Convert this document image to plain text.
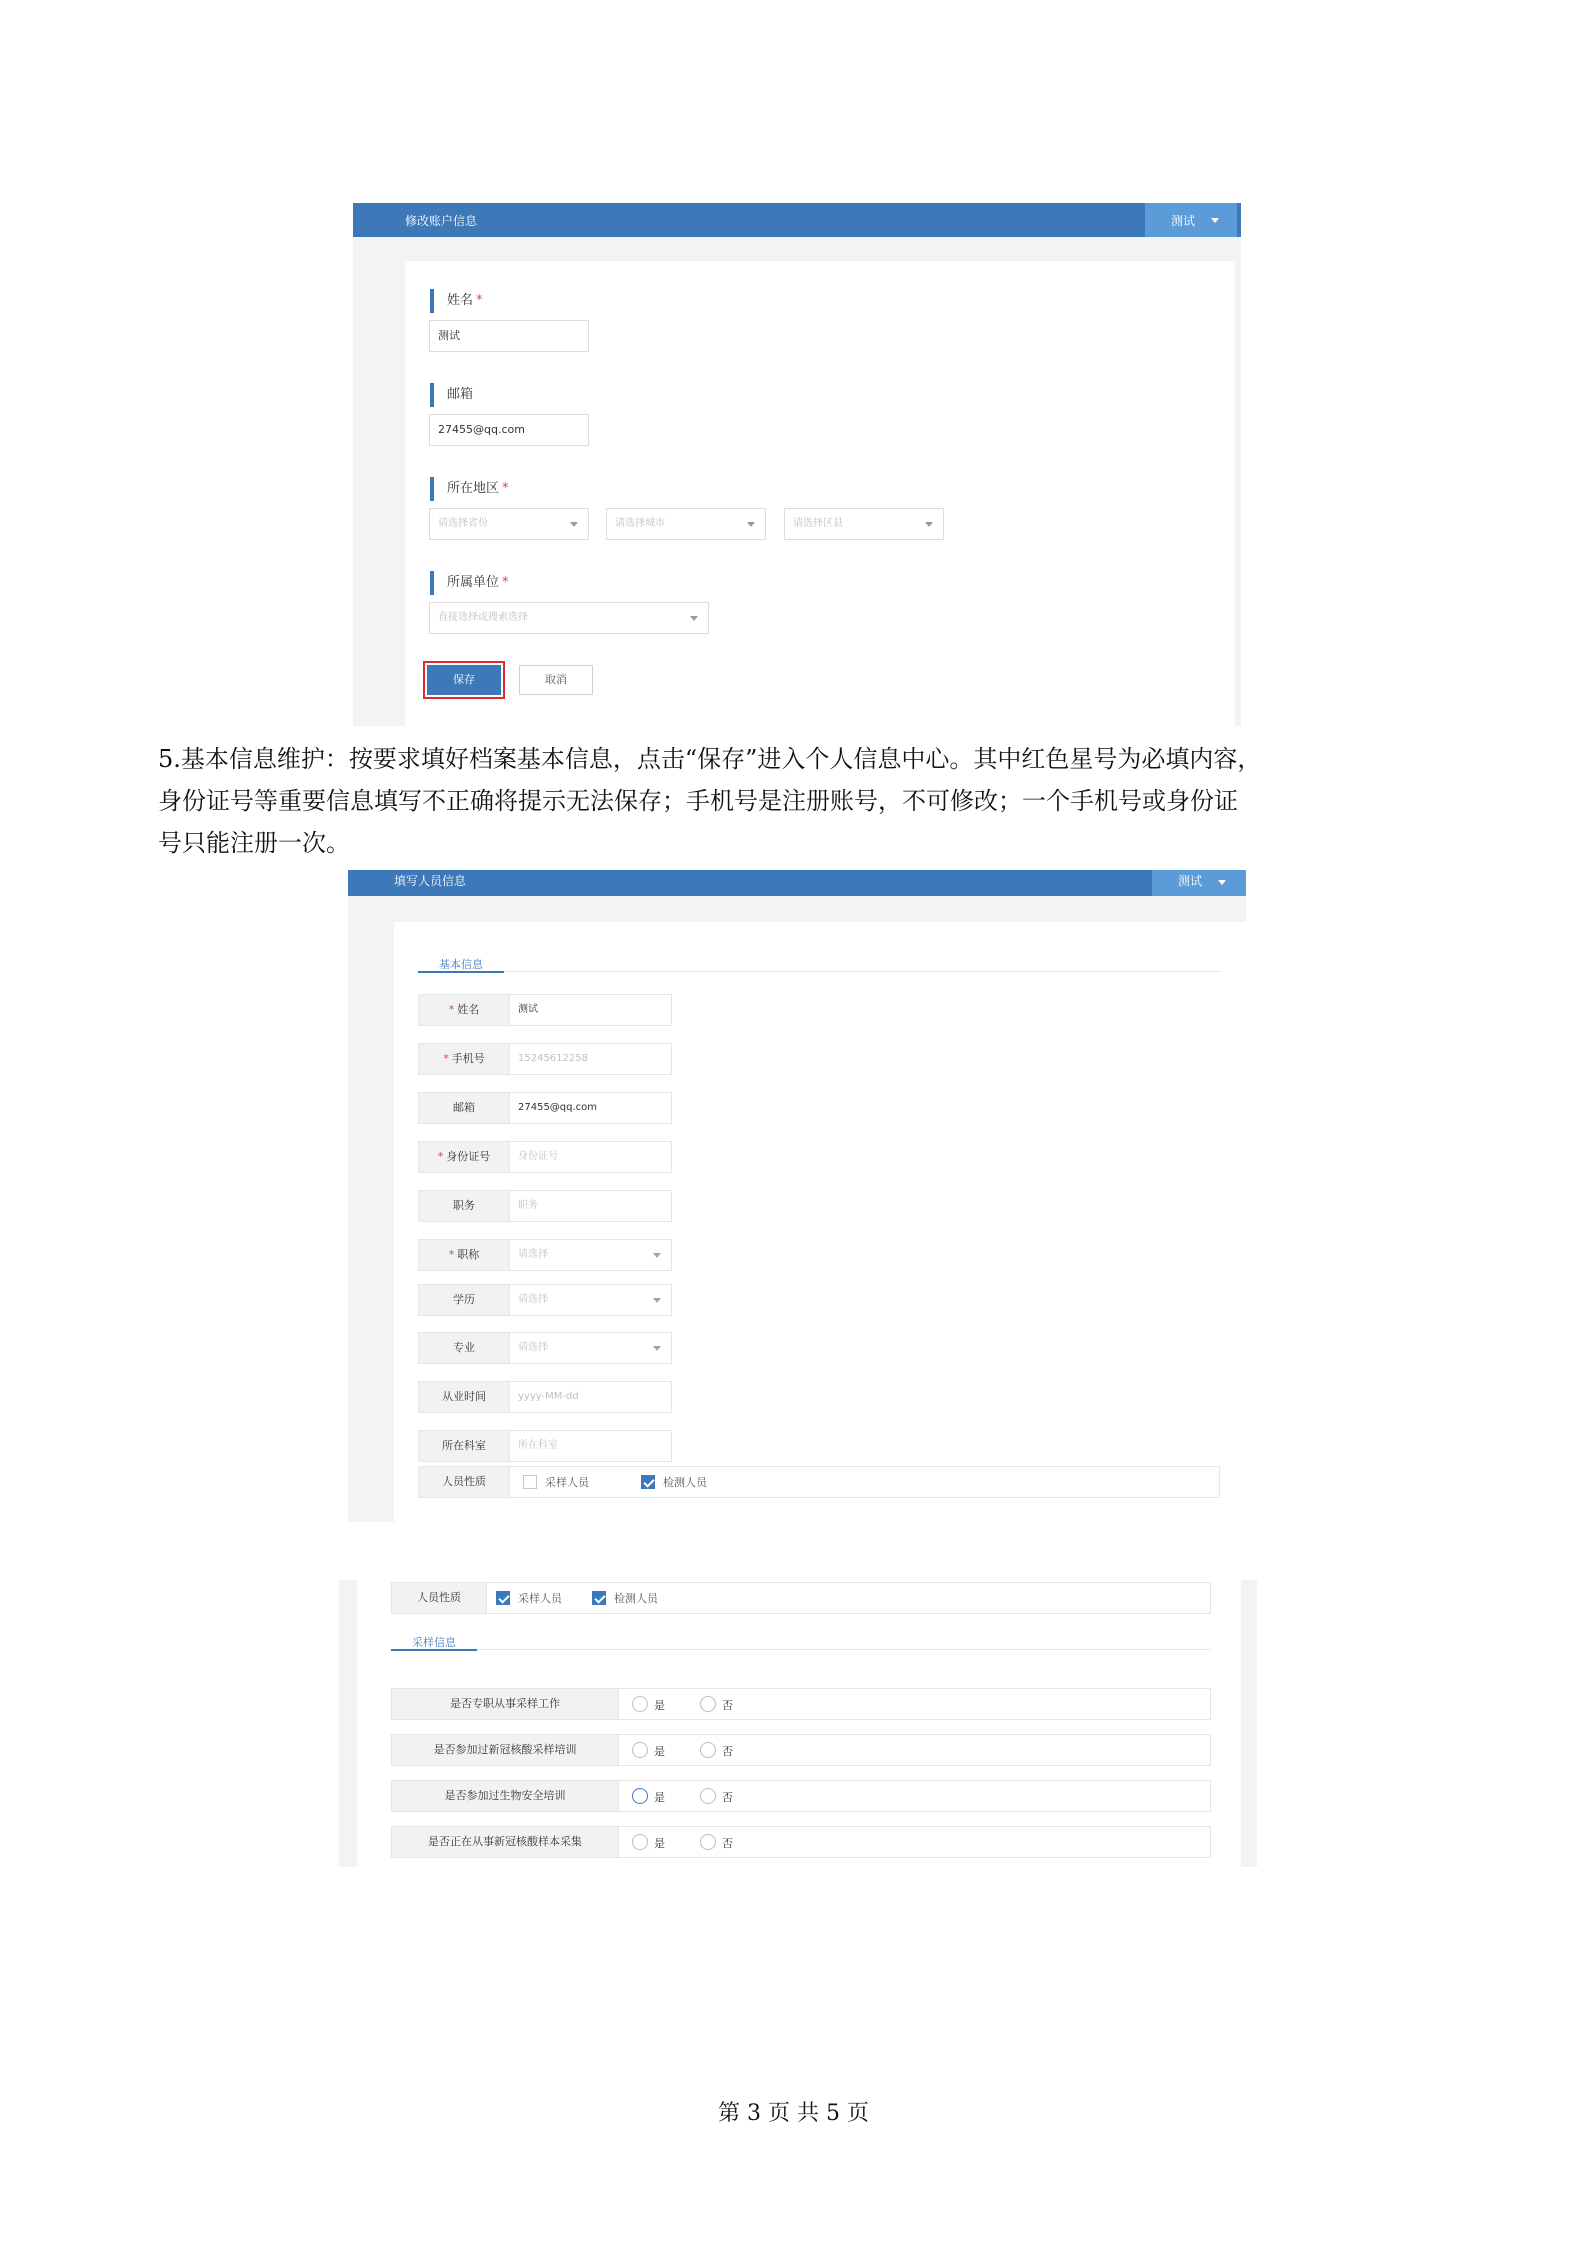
修改账户信息	测试
姓名 *
测试
邮箱
27455@qq.com
所在地区 *
请选择省份	请选择城市	请选择区县
所属单位 *
直接选择或搜索选择
保存	取消
5.基本信息维护：按要求填好档案基本信息，点击“保存”进入个人信息中心。其中红色星号为必填内容，
身份证号等重要信息填写不正确将提示无法保存；手机号是注册账号，不可修改；一个手机号或身份证
号只能注册一次。
填写人员信息	测试
基本信息
* 姓名	测试
* 手机号	15245612258
邮箱	27455@qq.com
* 身份证号	身份证号
职务	职务
* 职称	请选择
学历	请选择
专业	请选择
从业时间	yyyy-MM-dd
所在科室	所在科室
人员性质	采样人员	检测人员
人员性质	采样人员	检测人员
采样信息
是否专职从事采样工作	是	否
是否参加过新冠核酸采样培训	是	否
是否参加过生物安全培训	是	否
是否正在从事新冠核酸样本采集	是	否
第 3 页 共 5 页
